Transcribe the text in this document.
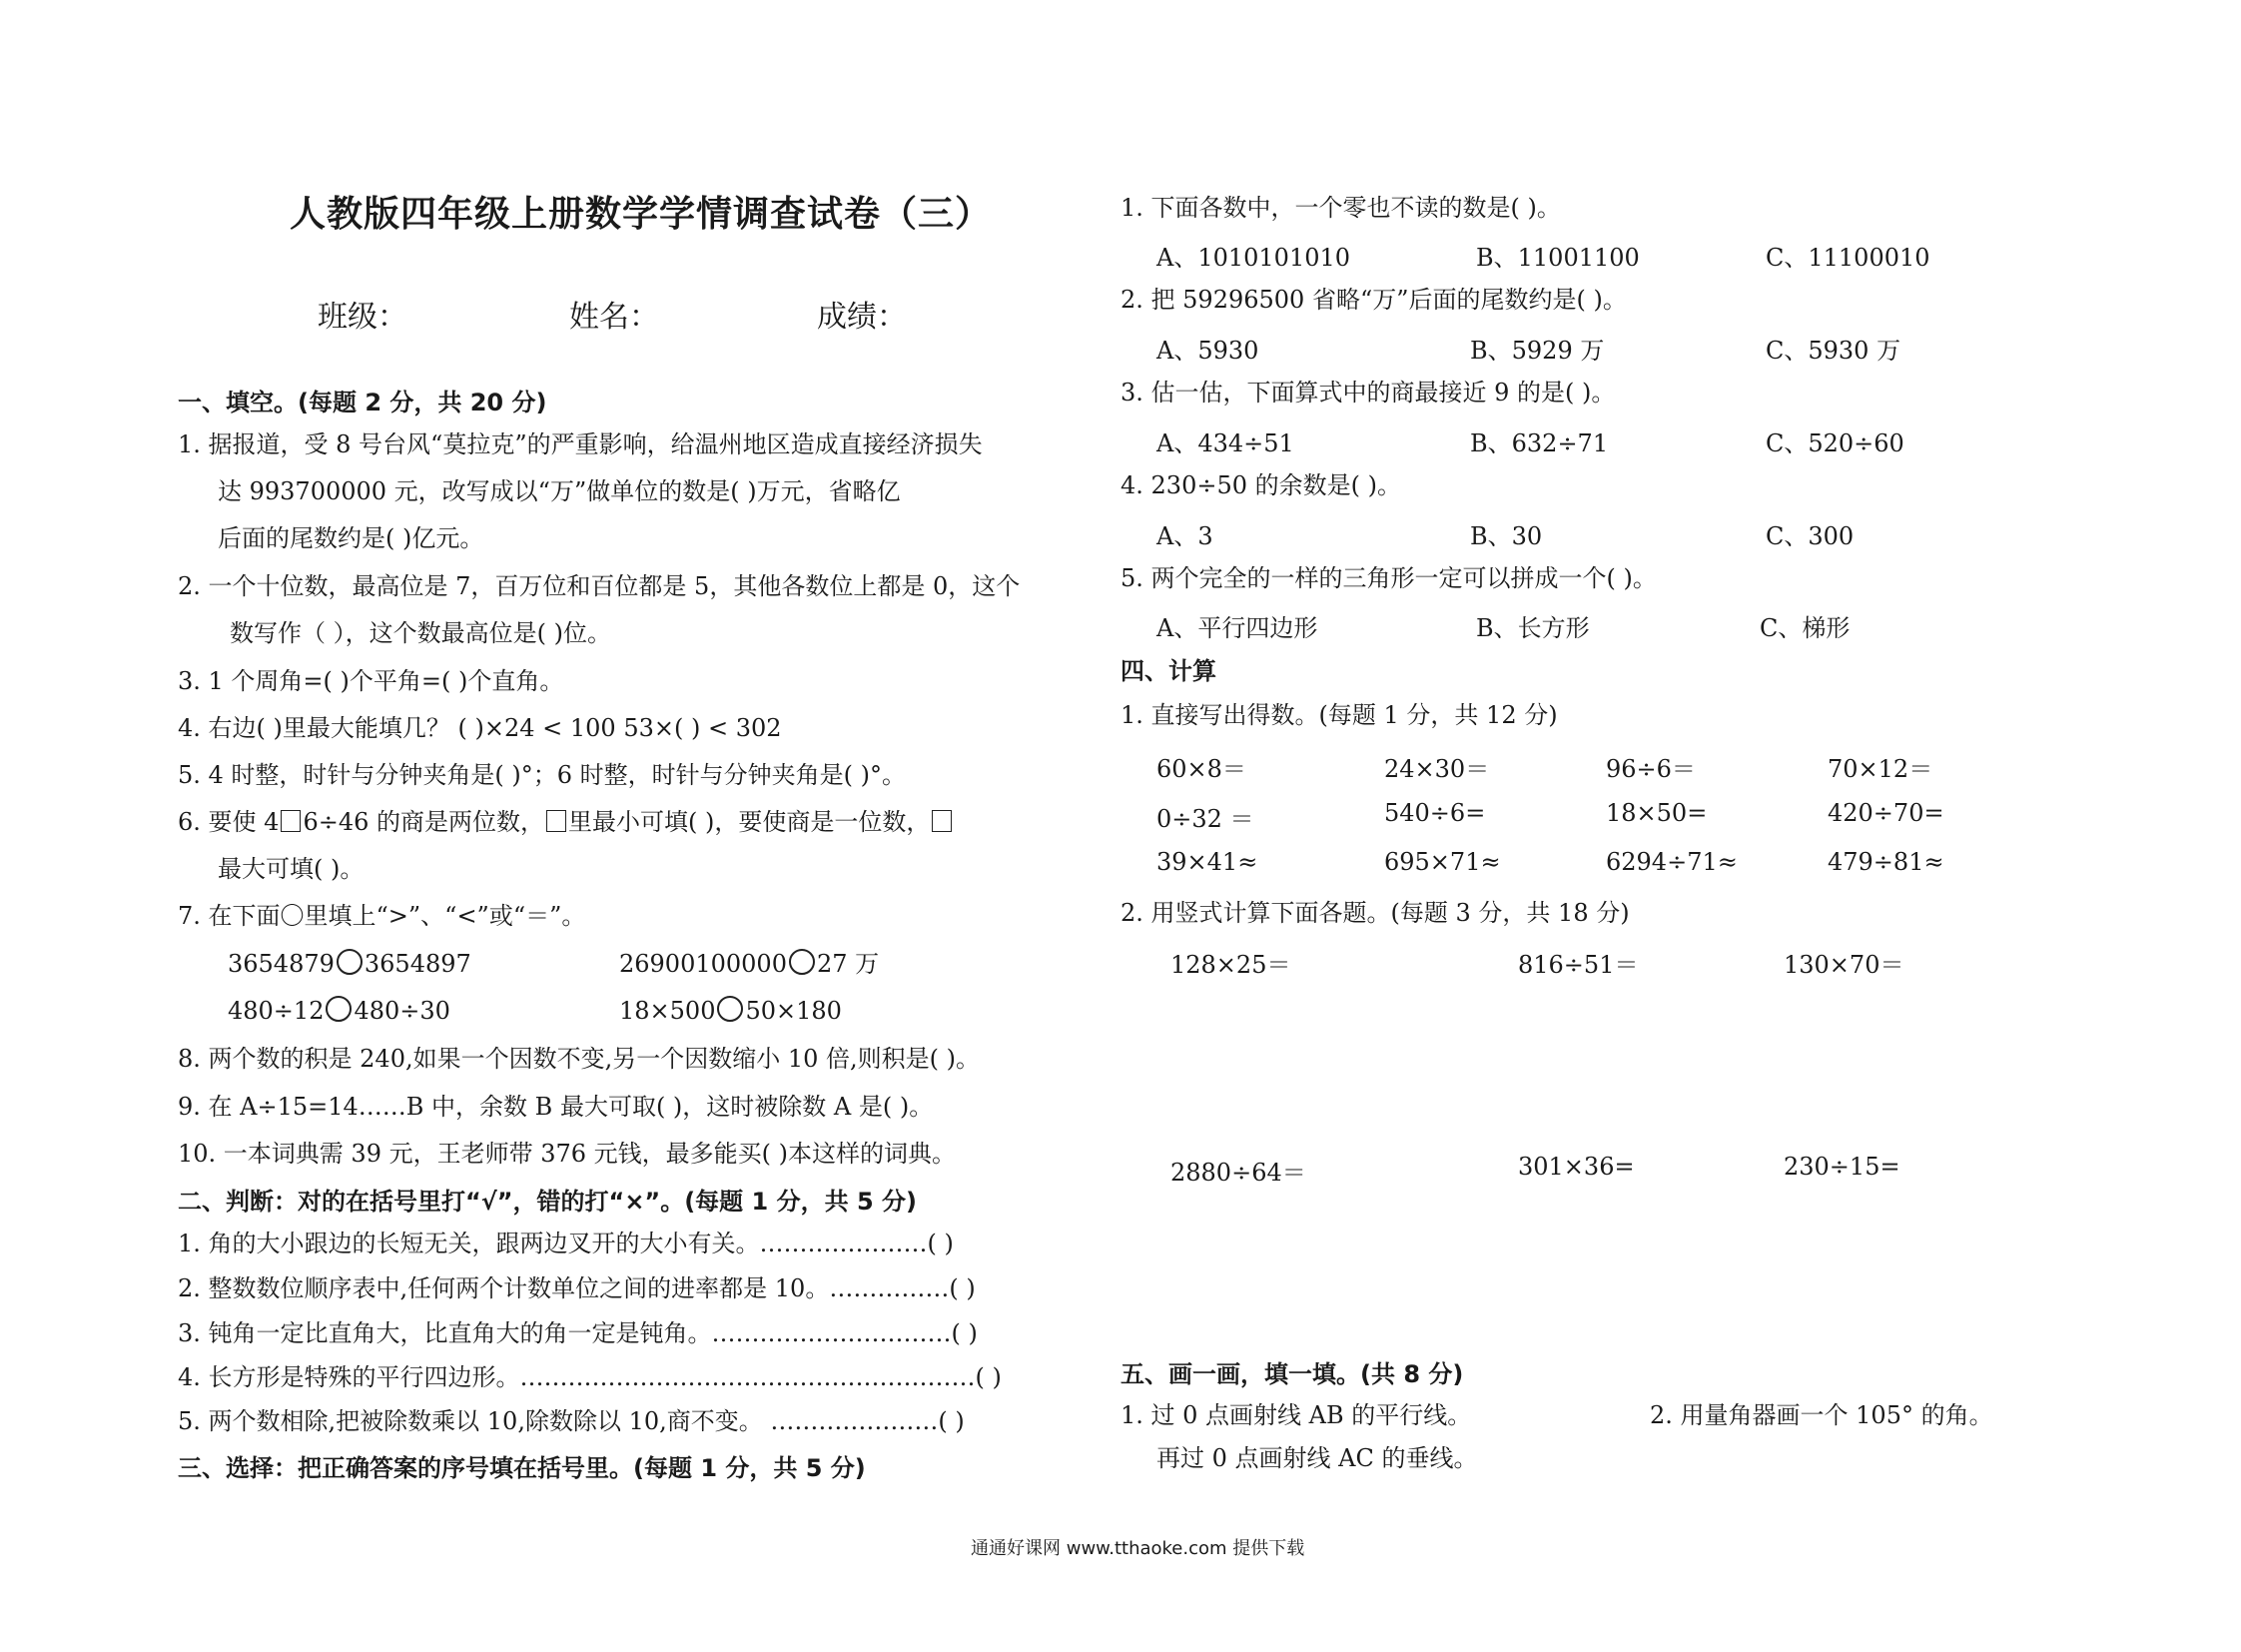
人教版四年级上册数学学情调查试卷（三）
班级：	姓名：	成绩：
一、填空。(每题 2 分，共 20 分)
1. 据报道，受 8 号台风“莫拉克”的严重影响，给温州地区造成直接经济损失
达 993700000 元，改写成以“万”做单位的数是( )万元，省略亿
后面的尾数约是( )亿元。
2. 一个十位数，最高位是 7，百万位和百位都是 5，其他各数位上都是 0，这个
数写作（ ），这个数最高位是( )位。
3. 1 个周角=( )个平角=( )个直角。
4. 右边( )里最大能填几？ ( )×24 < 100 53×( ) < 302
5. 4 时整，时针与分钟夹角是( )°；6 时整，时针与分钟夹角是( )°。
6. 要使 4 6÷46 的商是两位数， 里最小可填( )，要使商是一位数，
最大可填( )。
7. 在下面〇里填上“>”、“<”或“＝”。
3654879 3654897	26900100000 27 万
480÷12 480÷30	18×500 50×180
8. 两个数的积是 240,如果一个因数不变,另一个因数缩小 10 倍,则积是( )。
9. 在 A÷15=14……B 中，余数 B 最大可取( )，这时被除数 A 是( )。
10. 一本词典需 39 元，王老师带 376 元钱，最多能买( )本这样的词典。
二、判断：对的在括号里打“√”，错的打“×”。(每题 1 分，共 5 分)
1. 角的大小跟边的长短无关，跟两边叉开的大小有关。…………………( )
2. 整数数位顺序表中,任何两个计数单位之间的进率都是 10。……………( )
3. 钝角一定比直角大，比直角大的角一定是钝角。…………………………( )
4. 长方形是特殊的平行四边形。…………………………………………………( )
5. 两个数相除,把被除数乘以 10,除数除以 10,商不变。 …………………( )
三、选择：把正确答案的序号填在括号里。(每题 1 分，共 5 分)
1. 下面各数中，一个零也不读的数是( )。
A、1010101010	B、11001100	C、11100010
2. 把 59296500 省略“万”后面的尾数约是( )。
A、5930	B、5929 万	C、5930 万
3. 估一估，下面算式中的商最接近 9 的是( )。
A、434÷51	B、632÷71	C、520÷60
4. 230÷50 的余数是( )。
A、3	B、30	C、300
5. 两个完全的一样的三角形一定可以拼成一个( )。
A、平行四边形	B、长方形	C、梯形
四、计算
1. 直接写出得数。(每题 1 分，共 12 分)
60×8＝	24×30＝	96÷6＝	70×12＝
0÷32 ＝	540÷6=	18×50=	420÷70=
39×41≈	695×71≈	6294÷71≈	479÷81≈
2. 用竖式计算下面各题。(每题 3 分，共 18 分)
128×25＝	816÷51＝	130×70＝
2880÷64＝	301×36=	230÷15=
五、画一画，填一填。(共 8 分)
1. 过 0 点画射线 AB 的平行线。
再过 0 点画射线 AC 的垂线。
2. 用量角器画一个 105° 的角。
通通好课网 www.tthaoke.com 提供下载
